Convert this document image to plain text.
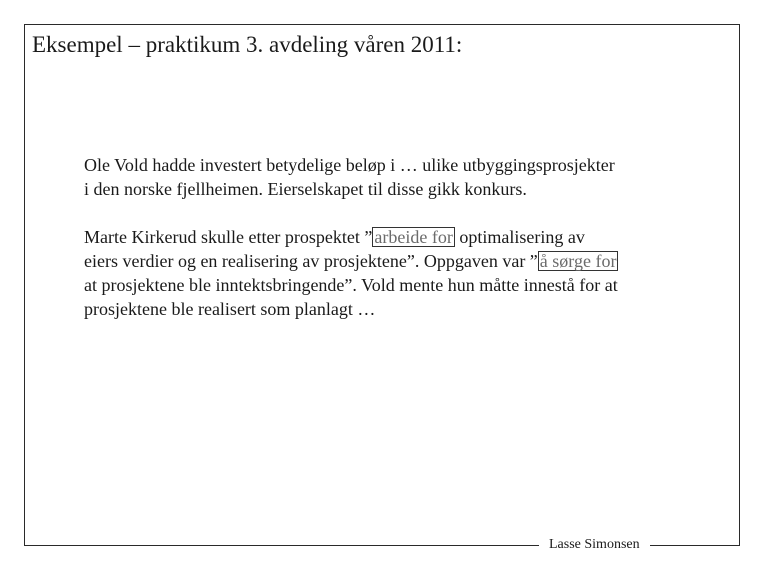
Eksempel – praktikum 3. avdeling våren 2011:

Ole Vold hadde investert betydelige beløp i … ulike utbyggingsprosjekter
i den norske fjellheimen. Eierselskapet til disse gikk konkurs.

Marte Kirkerud skulle etter prospektet ” arbeide for optimalisering av
eiers verdier og en realisering av prosjektene”. Oppgaven var ” å sørge for
at prosjektene ble inntektsbringende”. Vold mente hun måtte innestå for at
prosjektene ble realisert som planlagt …

Lasse Simonsen
